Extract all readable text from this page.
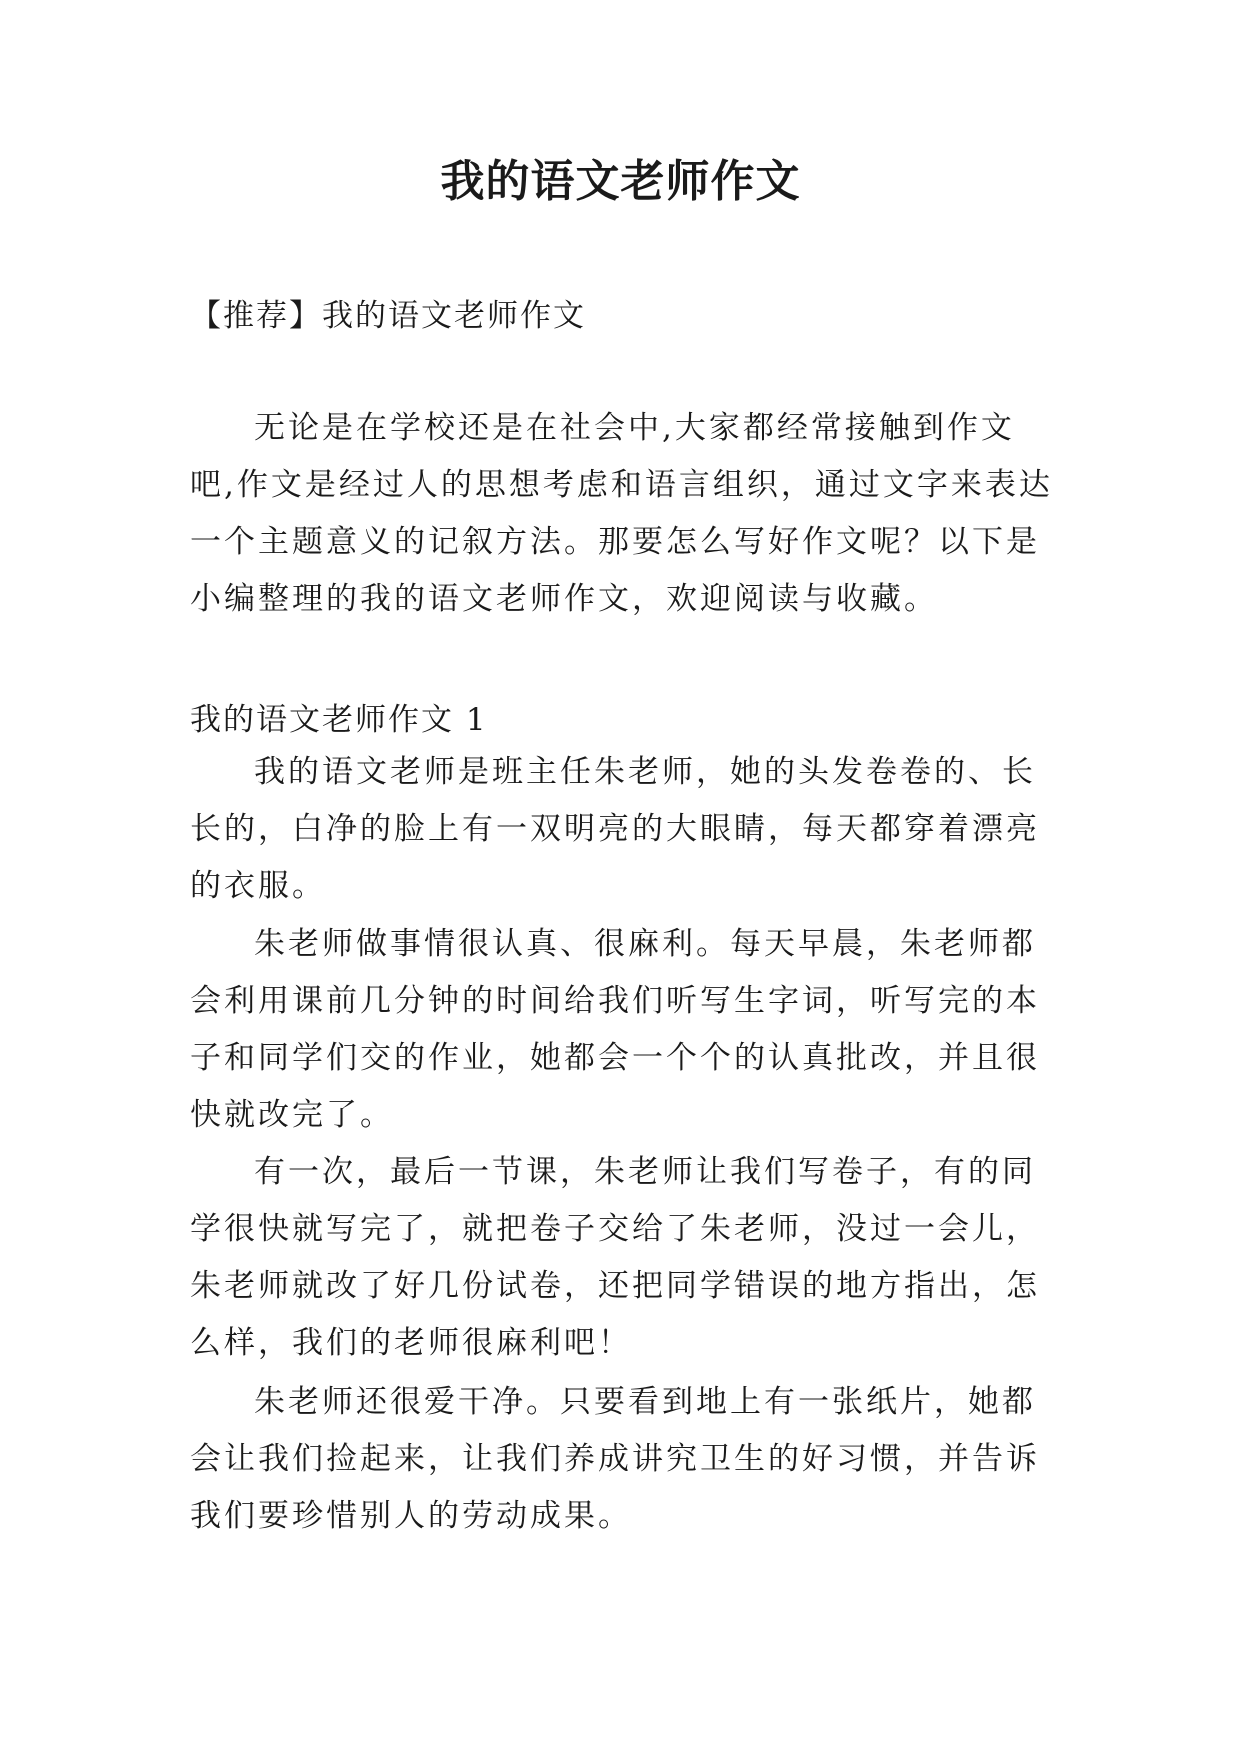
我的语文老师作文
【推荐】我的语文老师作文

无论是在学校还是在社会中,大家都经常接触到作文吧,作文是经过人的思想考虑和语言组织，通过文字来表达一个主题意义的记叙方法。那要怎么写好作文呢？以下是小编整理的我的语文老师作文，欢迎阅读与收藏。

我的语文老师作文 1

我的语文老师是班主任朱老师，她的头发卷卷的、长长的，白净的脸上有一双明亮的大眼睛，每天都穿着漂亮的衣服。

朱老师做事情很认真、很麻利。每天早晨，朱老师都会利用课前几分钟的时间给我们听写生字词，听写完的本子和同学们交的作业，她都会一个个的认真批改，并且很快就改完了。

有一次，最后一节课，朱老师让我们写卷子，有的同学很快就写完了，就把卷子交给了朱老师，没过一会儿，朱老师就改了好几份试卷，还把同学错误的地方指出，怎么样，我们的老师很麻利吧！

朱老师还很爱干净。只要看到地上有一张纸片，她都会让我们捡起来，让我们养成讲究卫生的好习惯，并告诉我们要珍惜别人的劳动成果。
